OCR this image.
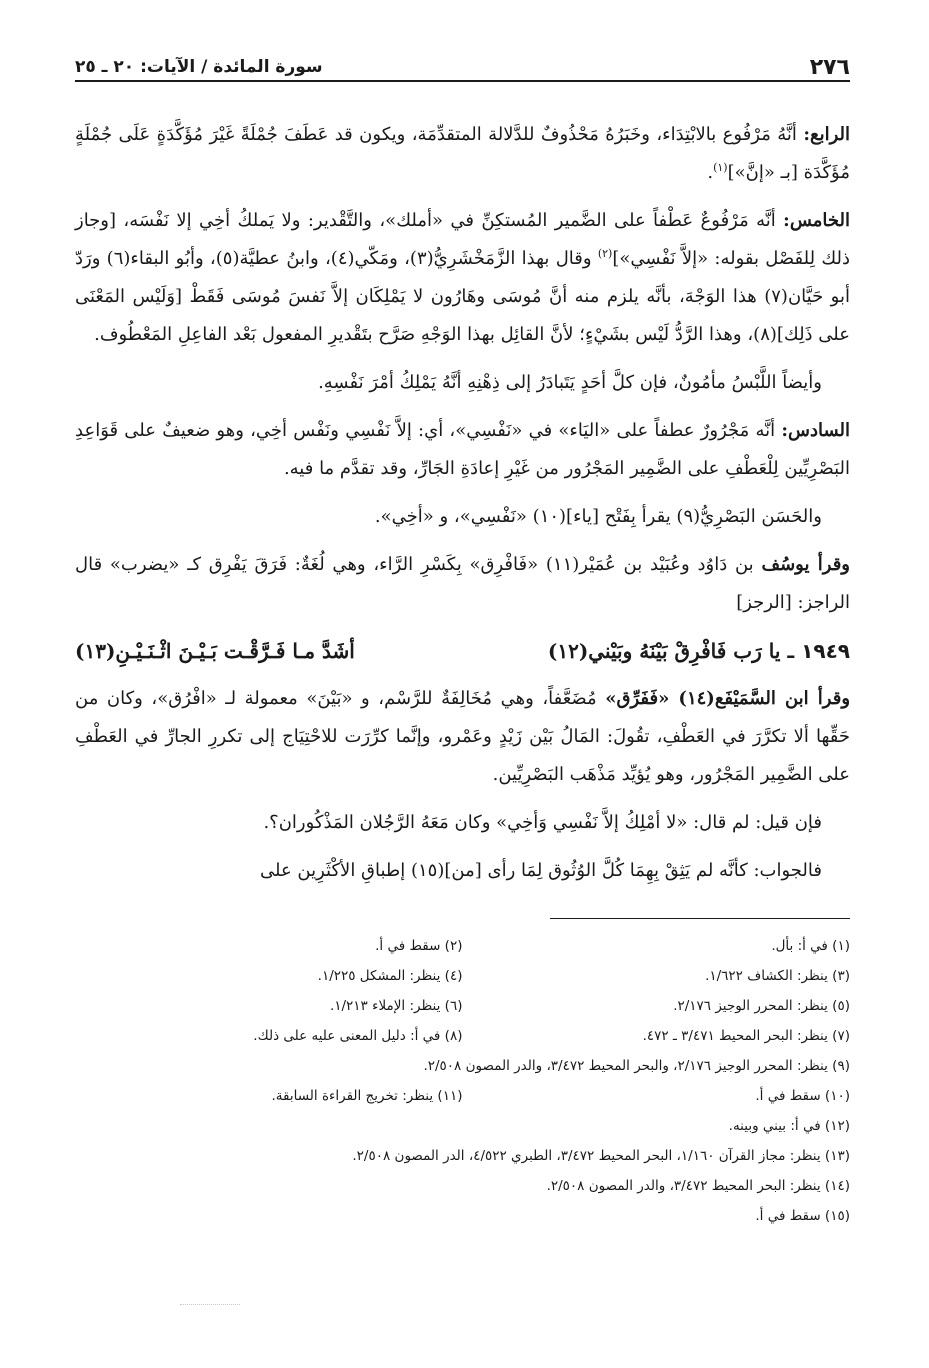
٢٧٦
سورة المائدة / الآيات: ٢٠ ـ ٢٥

الرابع: أنَّهُ مَرْفُوع بالابْتِدَاء، وخَبَرُهُ مَحْذُوفٌ للدَّلالة المتقدِّمَة، ويكون قد عَطَفَ جُمْلَةً غَيْرَ مُؤَكَّدَةٍ عَلَى جُمْلَةٍ مُؤَكَّدَة [بـ «إنَّ»]$^{(١)}$.

الخامس: أنَّه مَرْفُوعٌ عَطْفاً على الضَّمير المُستكِنِّ في «أملك»، والتَّقْدير: ولا يَملكُ أخِي إلا نَفْسَه، [وجاز ذلك لِلفَصْل بقوله: «إلاَّ نَفْسِي»]$^{(٢)}$ وقال بهذا الزَّمَخْشَرِيُّ(٣)، ومَكّي(٤)، وابنُ عطيَّة(٥)، وأبُو البقاء(٦) ورَدّ أبو حَيَّان(٧) هذا الوَجْهَ، بأنَّه يلزم منه أنَّ مُوسَى وهَارُون لا يَمْلِكَان إلاَّ نَفسَ مُوسَى فَقَطْ [وَلَيْس المَعْنَى على ذَلِك](٨)، وهذا الرَّدُّ لَيْس بشَيْءٍ؛ لأنَّ القائِل بهذا الوَجْهِ صَرَّح بتَقْديرِ المفعول بَعْد الفاعِلِ المَعْطُوف.

وأيضاً اللَّبْسُ مأمُونٌ، فإن كلَّ أحَدٍ يَتَبادَرُ إلى ذِهْنِهِ أنَّهُ يَمْلِكُ أمْرَ نَفْسِهِ.

السادس: أنَّه مَجْرُورٌ عطفاً على «اليَاء» في «نَفْسِي»، أي: إلاَّ نَفْسِي ونَفْس أخِي، وهو ضعيفٌ على قَوَاعِدِ البَصْرِيِّين لِلْعَطْفِ على الضَّمِير المَجْرُور من غَيْرِ إعادَةِ الجَارِّ، وقد تقدَّم ما فيه.

والحَسَن البَصْرِيُّ(٩) يقرأ بِفَتْح [ياء](١٠) «نَفْسِي»، و «أخِي».

وقرأ يوسُف بن دَاوُد وعُبَيْد بن عُمَيْر(١١) «فَافْرِق» بِكَسْرِ الرَّاء، وهي لُغَةٌ: فَرَقَ يَفْرِق كـ «يضرب» قال الراجز: [الرجز]

١٩٤٩ ـ يا رَب فَافْرِقْ بَيْنَهُ وبَيْني(١٢)
أشَدَّ مـا فَـرَّقْـت بَـيْـنَ اثْـنَـيْـنِ(١٣)

وقرأ ابن السَّمَيْفَع(١٤) «فَفَرِّق» مُضَعَّفاً، وهي مُخَالِفَةٌ للرَّسْم، و «بَيْنَ» معمولة لـ «افْرُق»، وكان من حَقِّها ألا تكرَّرَ في العَطْفِ، تقُولَ: المَالُ بَيْن زَيْدٍ وعَمْرو، وإنَّما كرِّرَت للاحْتِيَاج إلى تكررِ الجارِّ في العَطْفِ على الضَّمِير المَجْرُور، وهو يُؤيِّد مَذْهَب البَصْرِيِّين.

فإن قيل: لم قال: «لا أمْلِكُ إلاَّ نَفْسِي وَأخِي» وكان مَعَهُ الرَّجُلان المَذْكُوران؟.

فالجواب: كأنَّه لم يَثِقْ بِهِمَا كُلَّ الوُثُوق لِمَا رأى [من](١٥) إطباقِ الأكْثَرِين على

(١) في أ: بأل.
(٢) سقط في أ.
(٣) ينظر: الكشاف ١/٦٢٢.
(٤) ينظر: المشكل ١/٢٢٥.
(٥) ينظر: المحرر الوجيز ٢/١٧٦.
(٦) ينظر: الإملاء ١/٢١٣.
(٧) ينظر: البحر المحيط ٣/٤٧١ ـ ٤٧٢.
(٨) في أ: دليل المعنى عليه على ذلك.
(٩) ينظر: المحرر الوجيز ٢/١٧٦، والبحر المحيط ٣/٤٧٢، والدر المصون ٢/٥٠٨.
(١٠) سقط في أ.
(١١) ينظر: تخريج القراءة السابقة.
(١٢) في أ: بيني وبينه.
(١٣) ينظر: مجاز القرآن ١/١٦٠، البحر المحيط ٣/٤٧٢، الطبري ٤/٥٢٢، الدر المصون ٢/٥٠٨.
(١٤) ينظر: البحر المحيط ٣/٤٧٢، والدر المصون ٢/٥٠٨.
(١٥) سقط في أ.
